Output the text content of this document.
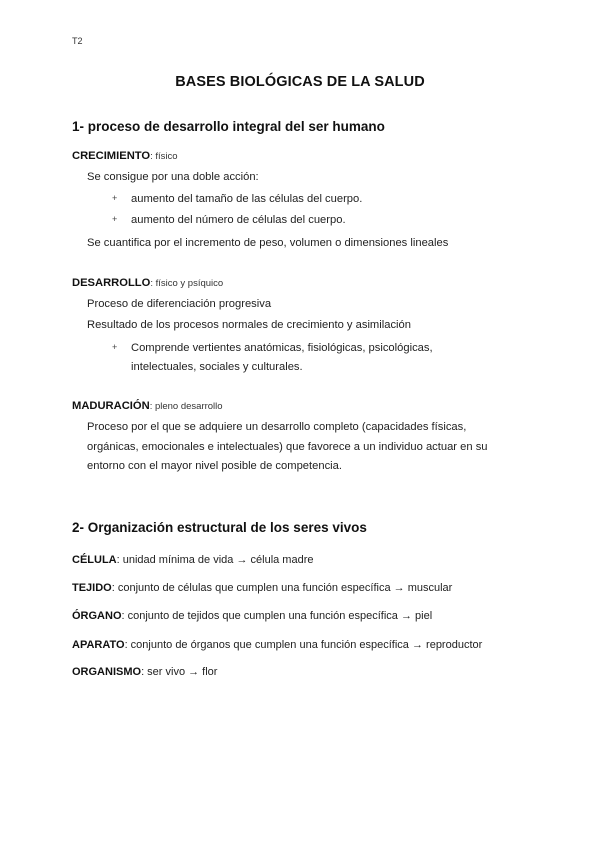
T2
BASES BIOLÓGICAS DE LA SALUD
1- proceso de desarrollo integral del ser humano
CRECIMIENTO: físico
Se consigue por una doble acción:
+ aumento del tamaño de las células del cuerpo.
+ aumento del número de células del cuerpo.
Se cuantifica por el incremento de peso, volumen o dimensiones lineales
DESARROLLO: físico y psíquico
Proceso de diferenciación progresiva
Resultado de los procesos normales de crecimiento y asimilación
+ Comprende vertientes anatómicas, fisiológicas, psicológicas,
intelectuales, sociales y culturales.
MADURACIÓN: pleno desarrollo
Proceso por el que se adquiere un desarrollo completo (capacidades físicas,
orgánicas, emocionales e intelectuales) que favorece a un individuo actuar en su
entorno con el mayor nivel posible de competencia.
2- Organización estructural de los seres vivos
CÉLULA: unidad mínima de vida → célula madre
TEJIDO: conjunto de células que cumplen una función específica → muscular
ÓRGANO: conjunto de tejidos que cumplen una función específica → piel
APARATO: conjunto de órganos que cumplen una función específica → reproductor
ORGANISMO: ser vivo → flor
